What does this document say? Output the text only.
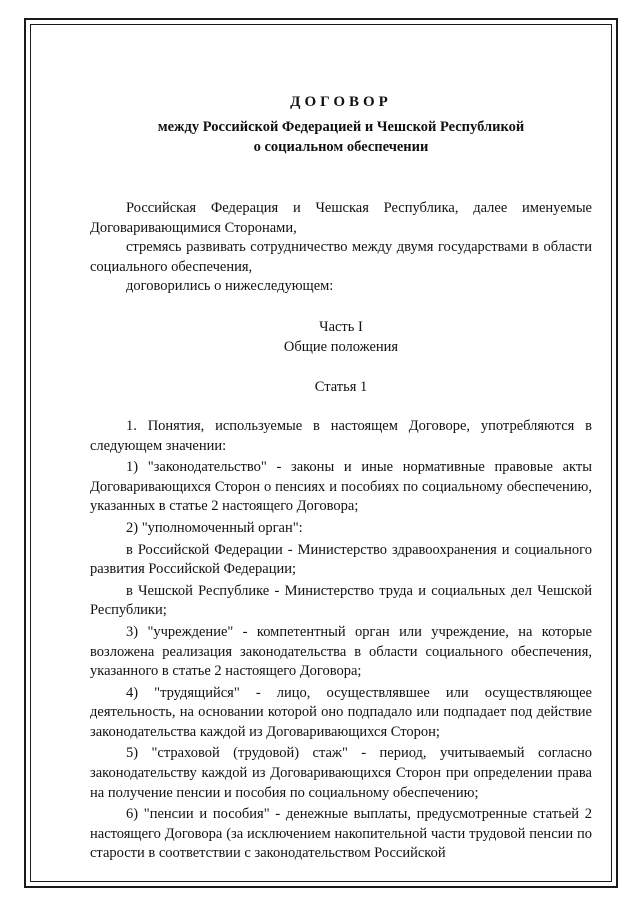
ДОГОВОР
между Российской Федерацией и Чешской Республикой
о социальном обеспечении

Российская Федерация и Чешская Республика, далее именуемые Договаривающимися Сторонами,

стремясь развивать сотрудничество между двумя государствами в области социального обеспечения,

договорились о нижеследующем:

Часть I
Общие положения
Статья 1

1. Понятия, используемые в настоящем Договоре, употребляются в следующем значении:

1) "законодательство" - законы и иные нормативные правовые акты Договаривающихся Сторон о пенсиях и пособиях по социальному обеспечению, указанных в статье 2 настоящего Договора;

2) "уполномоченный орган":

в Российской Федерации - Министерство здравоохранения и социального развития Российской Федерации;

в Чешской Республике - Министерство труда и социальных дел Чешской Республики;

3) "учреждение" - компетентный орган или учреждение, на которые возложена реализация законодательства в области социального обеспечения, указанного в статье 2 настоящего Договора;

4) "трудящийся" - лицо, осуществлявшее или осуществляющее деятельность, на основании которой оно подпадало или подпадает под действие законодательства каждой из Договаривающихся Сторон;

5) "страховой (трудовой) стаж" - период, учитываемый согласно законодательству каждой из Договаривающихся Сторон при определении права на получение пенсии и пособия по социальному обеспечению;

6) "пенсии и пособия" - денежные выплаты, предусмотренные статьей 2 настоящего Договора (за исключением накопительной части трудовой пенсии по старости в соответствии с законодательством Российской
